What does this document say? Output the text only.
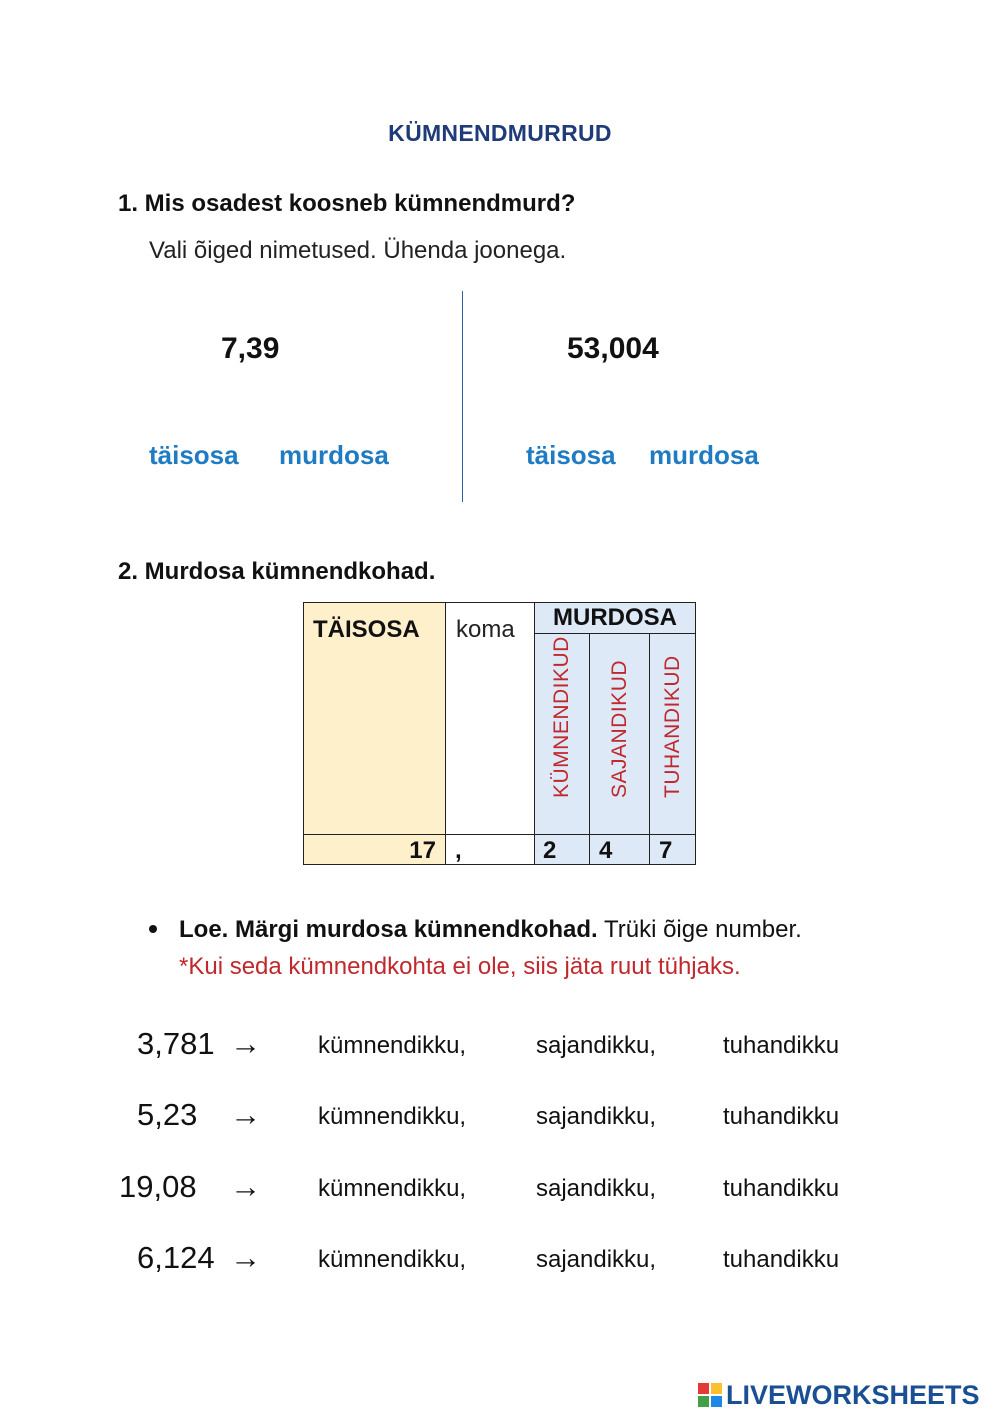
KÜMNENDMURRUD
1. Mis osadest koosneb kümnendmurd?
Vali õiged nimetused. Ühenda joonega.
7,39
täisosa murdosa
53,004
täisosa murdosa
2. Murdosa kümnendkohad.
TÄISOSA koma	MURDOSA
KÜMNENDIKUD SAJANDIKUD TUHANDIKUD
17 ,	2 4 7
Loe. Märgi murdosa kümnendkohad. Trüki õige number.
*Kui seda kümnendkohta ei ole, siis jäta ruut tühjaks.
3,781 → kümnendikku,	sajandikku,	tuhandikku
5,23 → kümnendikku,	sajandikku,	tuhandikku
19,08 → kümnendikku,	sajandikku,	tuhandikku
6,124 → kümnendikku,	sajandikku,	tuhandikku
LIVEWORKSHEETS
